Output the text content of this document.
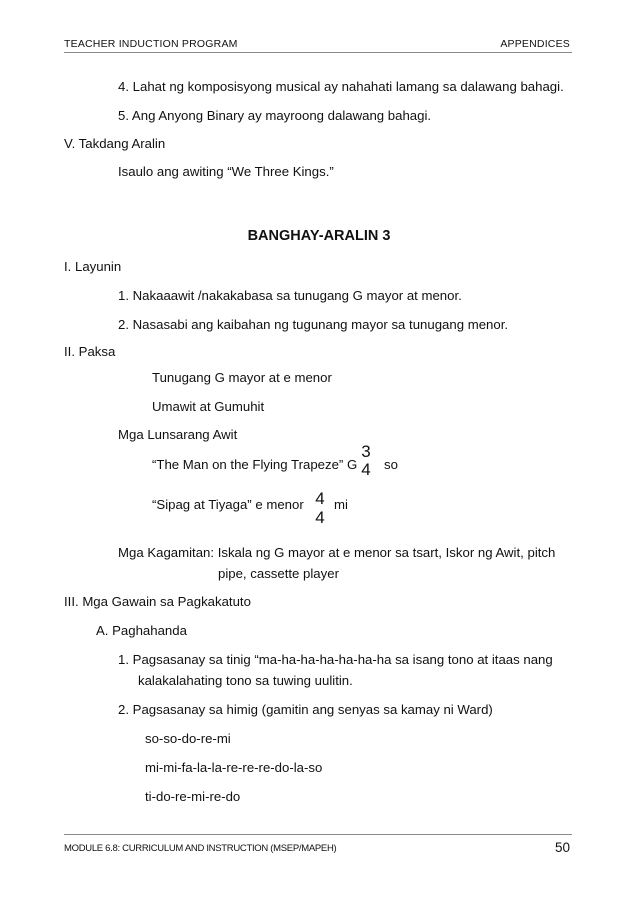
TEACHER INDUCTION PROGRAM	APPENDICES
4. Lahat ng komposisyong musical ay nahahati lamang sa dalawang bahagi.
5. Ang Anyong Binary ay mayroong dalawang bahagi.
V. Takdang Aralin
Isaulo ang awiting “We Three Kings.”
BANGHAY-ARALIN 3
I. Layunin
1. Nakaaawit /nakakabasa sa tunugang G mayor at menor.
2. Nasasabi ang kaibahan ng tugunang mayor sa tunugang menor.
II. Paksa
Tunugang G mayor at e menor
Umawit at Gumuhit
Mga Lunsarang Awit
“The Man on the Flying Trapeze” G
3
4 so
“Sipag at Tiyaga” e menor 4
4
mi
Mga Kagamitan: Iskala ng G mayor at e menor sa tsart, Iskor ng Awit, pitch
pipe, cassette player
III. Mga Gawain sa Pagkakatuto
A. Paghahanda
1. Pagsasanay sa tinig “ma-ha-ha-ha-ha-ha-ha sa isang tono at itaas nang
kalakalahating tono sa tuwing uulitin.
2. Pagsasanay sa himig (gamitin ang senyas sa kamay ni Ward)
so-so-do-re-mi
mi-mi-fa-la-la-re-re-re-do-la-so
ti-do-re-mi-re-do
MODULE 6.8: CURRICULUM AND INSTRUCTION (MSEP/MAPEH)	50
